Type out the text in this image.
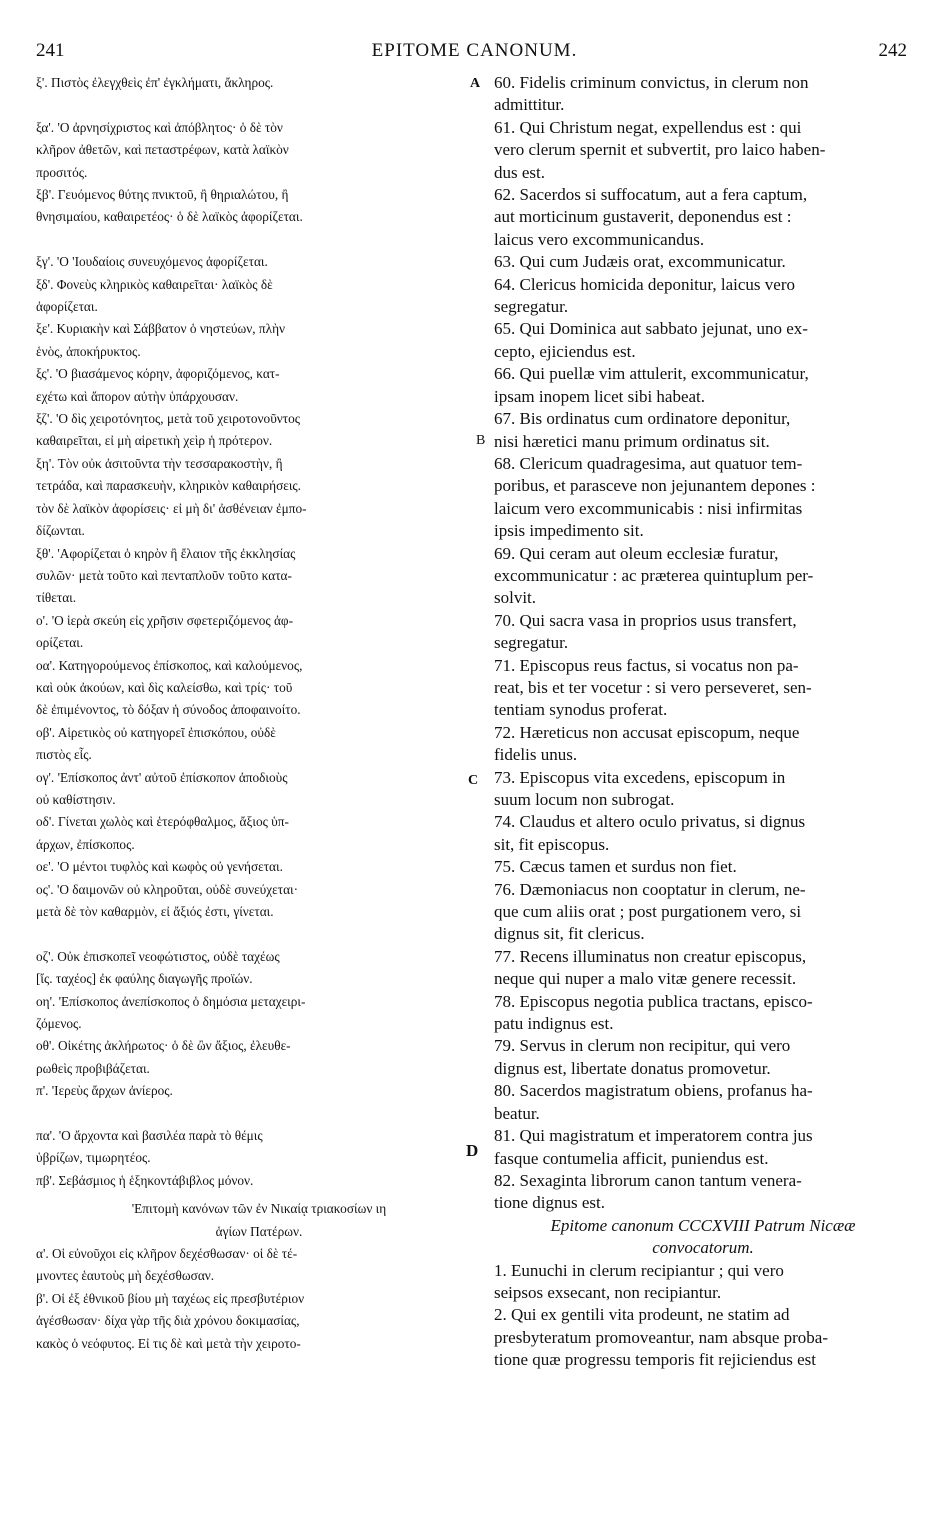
241	EPITOME CANONUM.	242
A
B
C
D

ξ'. Πιστὸς ἐλεγχθεὶς ἐπ' ἐγκλήματι, ἄκληρος.

ξα'. 'Ο ἀρνησίχριστος καὶ ἀπόβλητος· ὁ δὲ τὸν
κλῆρον ἀθετῶν, καὶ πεταστρέφων, κατὰ λαϊκὸν
προσιτός.

ξβ'. Γευόμενος θύτης πνικτοῦ, ἢ θηριαλώτου, ἢ
θνησιμαίου, καθαιρετέος· ὁ δὲ λαϊκὸς ἀφορίζεται.

ξγ'. 'Ο 'Ιουδαίοις συνευχόμενος ἀφορίζεται.

ξδ'. Φονεὺς κληρικὸς καθαιρεῖται· λαϊκὸς δὲ
ἀφορίζεται.

ξε'. Κυριακὴν καὶ Σάββατον ὁ νηστεύων, πλὴν
ἑνὸς, ἀποκήρυκτος.

ξς'. 'Ο βιασάμενος κόρην, ἀφοριζόμενος, κατ-
εχέτω καὶ ἄπορον αὐτὴν ὑπάρχουσαν.

ξζ'. 'Ο δὶς χειροτόνητος, μετὰ τοῦ χειροτονοῦντος
καθαιρεῖται, εἰ μὴ αἱρετικὴ χεὶρ ἡ πρότερον.

ξη'. Τὸν οὐκ ἀσιτοῦντα τὴν τεσσαρακοστὴν, ἢ
τετράδα, καὶ παρασκευὴν, κληρικὸν καθαιρήσεις.
τὸν δὲ λαϊκὸν ἀφορίσεις· εἰ μὴ δι' ἀσθένειαν ἐμπο-
δίζωνται.

ξθ'. 'Αφορίζεται ὁ κηρὸν ἢ ἔλαιον τῆς ἐκκλησίας
συλῶν· μετὰ τοῦτο καὶ πενταπλοῦν τοῦτο κατα-
τίθεται.

ο'. 'Ο ἱερὰ σκεύη εἰς χρῆσιν σφετεριζόμενος ἀφ-
ορίζεται.

οα'. Κατηγορούμενος ἐπίσκοπος, καὶ καλούμενος,
καὶ οὐκ ἀκούων, καὶ δὶς καλείσθω, καὶ τρίς· τοῦ
δὲ ἐπιμένοντος, τὸ δόξαν ἡ σύνοδος ἀποφαινοίτο.

οβ'. Αἱρετικὸς οὐ κατηγορεῖ ἐπισκόπου, οὐδὲ
πιστὸς εἷς.

ογ'. 'Επίσκοπος ἀντ' αὐτοῦ ἐπίσκοπον ἀποδιοὺς
οὐ καθίστησιν.

οδ'. Γίνεται χωλὸς καὶ ἑτερόφθαλμος, ἄξιος ὑπ-
άρχων, ἐπίσκοπος.

οε'. 'Ο μέντοι τυφλὸς καὶ κωφὸς οὐ γενήσεται.

ος'. 'Ο δαιμονῶν οὐ κληροῦται, οὐδὲ συνεύχεται·
μετὰ δὲ τὸν καθαρμὸν, εἰ ἄξιός ἐστι, γίνεται.

οζ'. Οὐκ ἐπισκοπεῖ νεοφώτιστος, οὐδὲ ταχέως
[ἴς. ταχέος] ἐκ φαύλης διαγωγῆς προϊών.

οη'. 'Επίσκοπος ἀνεπίσκοπος ὁ δημόσια μεταχειρι-
ζόμενος.

οθ'. Οἰκέτης ἀκλήρωτος· ὁ δὲ ὢν ἄξιος, ἐλευθε-
ρωθεὶς προβιβάζεται.

π'. 'Ιερεὺς ἄρχων ἀνίερος.

πα'. 'Ο ἄρχοντα καὶ βασιλέα παρὰ τὸ θέμις
ὑβρίζων, τιμωρητέος.

πβ'. Σεβάσμιος ἡ ἑξηκοντάβιβλος μόνον.

'Επιτομὴ κανόνων τῶν ἐν Νικαίᾳ τριακοσίων ιη
ἁγίων Πατέρων.

α'. Οἱ εὐνοῦχοι εἰς κλῆρον δεχέσθωσαν· οἱ δὲ τέ-
μνοντες ἑαυτοὺς μὴ δεχέσθωσαν.

β'. Οἱ ἐξ ἐθνικοῦ βίου μὴ ταχέως εἰς πρεσβυτέριον
ἀγέσθωσαν· δίχα γὰρ τῆς διὰ χρόνου δοκιμασίας,
κακὸς ὁ νεόφυτος. Εἰ τις δὲ καὶ μετὰ τὴν χειροτο-

60. Fidelis criminum convictus, in clerum non
admittitur.

61. Qui Christum negat, expellendus est : qui
vero clerum spernit et subvertit, pro laico haben-
dus est.

62. Sacerdos si suffocatum, aut a fera captum,
aut morticinum gustaverit, deponendus est :
laicus vero excommunicandus.

63. Qui cum Judæis orat, excommunicatur.

64. Clericus homicida deponitur, laicus vero
segregatur.

65. Qui Dominica aut sabbato jejunat, uno ex-
cepto, ejiciendus est.

66. Qui puellæ vim attulerit, excommunicatur,
ipsam inopem licet sibi habeat.

67. Bis ordinatus cum ordinatore deponitur,
nisi hæretici manu primum ordinatus sit.

68. Clericum quadragesima, aut quatuor tem-
poribus, et parasceve non jejunantem depones :
laicum vero excommunicabis : nisi infirmitas
ipsis impedimento sit.

69. Qui ceram aut oleum ecclesiæ furatur,
excommunicatur : ac præterea quintuplum per-
solvit.

70. Qui sacra vasa in proprios usus transfert,
segregatur.

71. Episcopus reus factus, si vocatus non pa-
reat, bis et ter vocetur : si vero perseveret, sen-
tentiam synodus proferat.

72. Hæreticus non accusat episcopum, neque
fidelis unus.

73. Episcopus vita excedens, episcopum in
suum locum non subrogat.

74. Claudus et altero oculo privatus, si dignus
sit, fit episcopus.

75. Cæcus tamen et surdus non fiet.

76. Dæmoniacus non cooptatur in clerum, ne-
que cum aliis orat ; post purgationem vero, si
dignus sit, fit clericus.

77. Recens illuminatus non creatur episcopus,
neque qui nuper a malo vitæ genere recessit.

78. Episcopus negotia publica tractans, episco-
patu indignus est.

79. Servus in clerum non recipitur, qui vero
dignus est, libertate donatus promovetur.

80. Sacerdos magistratum obiens, profanus ha-
beatur.

81. Qui magistratum et imperatorem contra jus
fasque contumelia afficit, puniendus est.

82. Sexaginta librorum canon tantum venera-
tione dignus est.

Epitome canonum CCCXVIII Patrum Nicææ
convocatorum.

1. Eunuchi in clerum recipiantur ; qui vero
seipsos exsecant, non recipiantur.

2. Qui ex gentili vita prodeunt, ne statim ad
presbyteratum promoveantur, nam absque proba-
tione quæ progressu temporis fit rejiciendus est
